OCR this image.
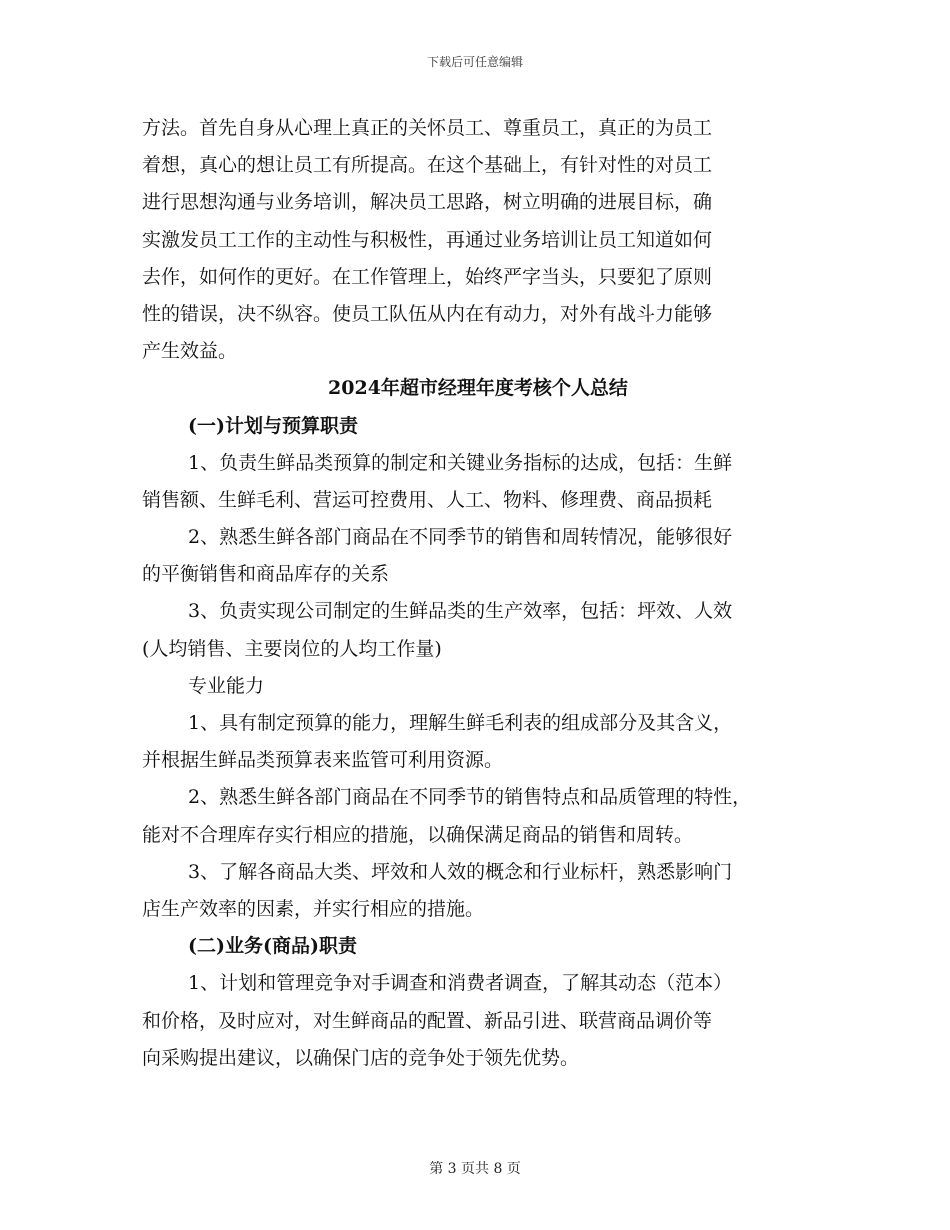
下载后可任意编辑
方法。首先自身从心理上真正的关怀员工、尊重员工，真正的为员工
着想，真心的想让员工有所提高。在这个基础上，有针对性的对员工
进行思想沟通与业务培训，解决员工思路，树立明确的进展目标，确
实激发员工工作的主动性与积极性，再通过业务培训让员工知道如何
去作，如何作的更好。在工作管理上，始终严字当头，只要犯了原则
性的错误，决不纵容。使员工队伍从内在有动力，对外有战斗力能够
产生效益。
2024年超市经理年度考核个人总结
(一)计划与预算职责
1、负责生鲜品类预算的制定和关键业务指标的达成，包括：生鲜
销售额、生鲜毛利、营运可控费用、人工、物料、修理费、商品损耗
2、熟悉生鲜各部门商品在不同季节的销售和周转情况，能够很好
的平衡销售和商品库存的关系
3、负责实现公司制定的生鲜品类的生产效率，包括：坪效、人效
(人均销售、主要岗位的人均工作量)
专业能力
1、具有制定预算的能力，理解生鲜毛利表的组成部分及其含义，
并根据生鲜品类预算表来监管可利用资源。
2、熟悉生鲜各部门商品在不同季节的销售特点和品质管理的特性，
能对不合理库存实行相应的措施，以确保满足商品的销售和周转。
3、了解各商品大类、坪效和人效的概念和行业标杆，熟悉影响门
店生产效率的因素，并实行相应的措施。
(二)业务(商品)职责
1、计划和管理竞争对手调查和消费者调查，了解其动态（范本）
和价格，及时应对，对生鲜商品的配置、新品引进、联营商品调价等
向采购提出建议，以确保门店的竞争处于领先优势。
第 3 页共 8 页
